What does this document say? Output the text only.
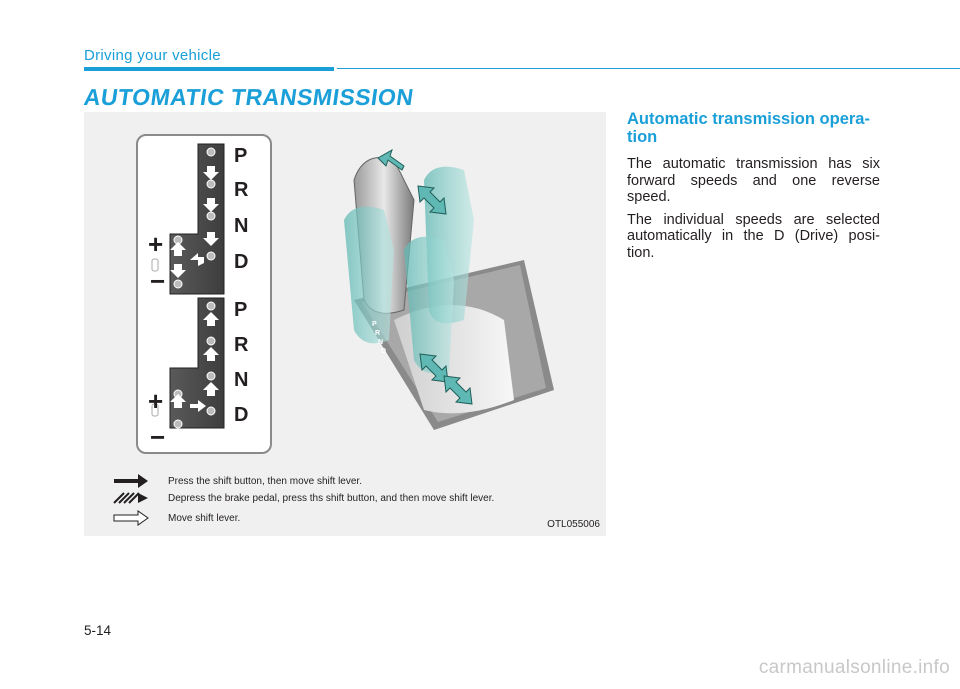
Driving your vehicle
AUTOMATIC TRANSMISSION
P
R
N
D
P
R
N
D
+
−
+
−
P
R
N
D
Press the shift button, then move shift lever.
Depress the brake pedal, press ths shift button, and then move shift lever.
Move shift lever.
OTL055006

Automatic transmission opera- tion

The automatic transmission has six forward speeds and one reverse speed.

The individual speeds are selected automatically in the D (Drive) posi- tion.

5-14
carmanualsonline.info
